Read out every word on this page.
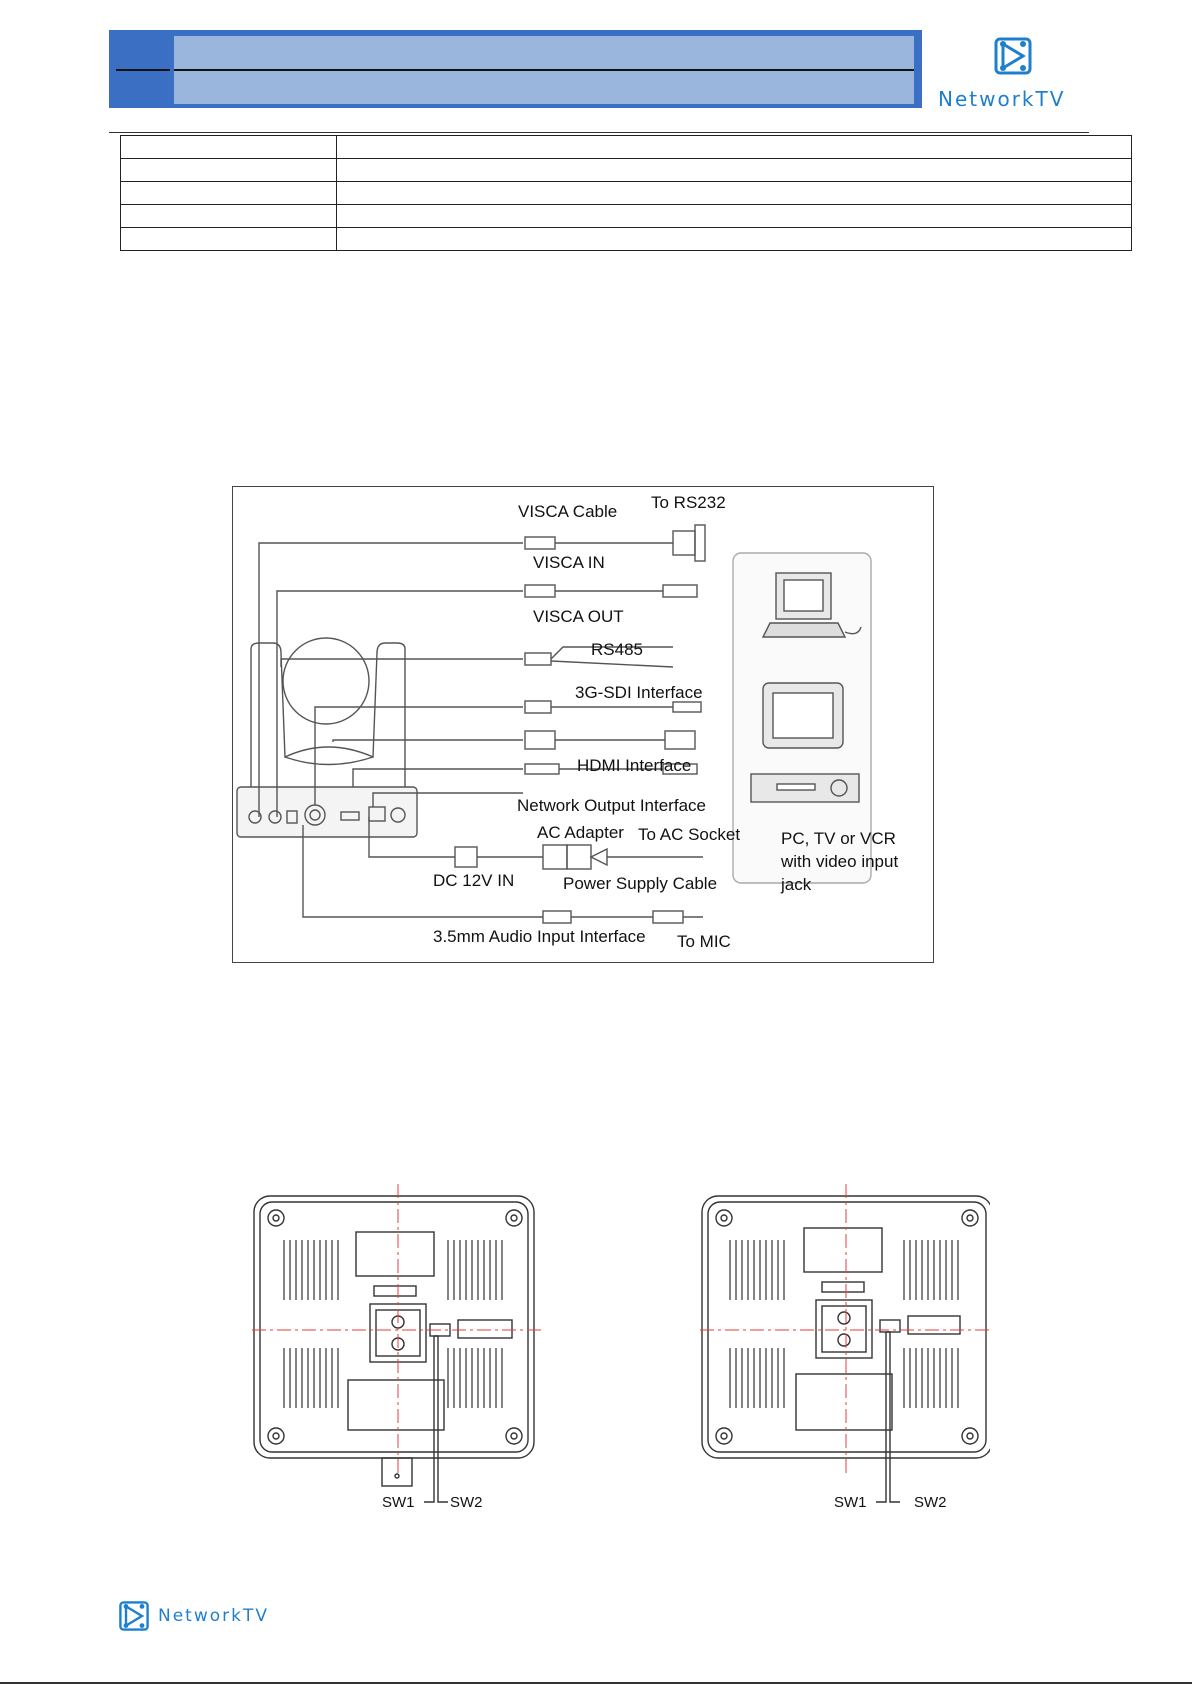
NetworkTV

VISCA Cable To RS232
VISCA IN
VISCA OUT
RS485
3G-SDI Interface
HDMI Interface
Network Output Interface
AC Adapter To AC Socket
DC 12V IN	Power Supply Cable
3.5mm Audio Input Interface To MIC
PC, TV or VCR
with video input
jack
SW1 SW2	SW1	SW2
NetworkTV
